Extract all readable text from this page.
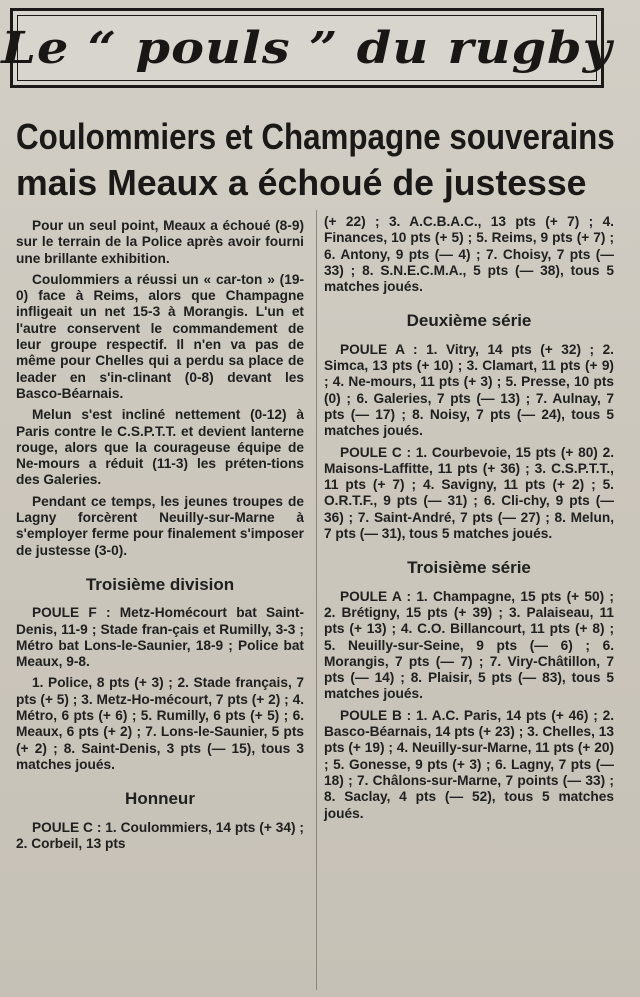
Le “ pouls ” du rugby
Coulommiers et Champagne souverains
mais Meaux a échoué de justesse

Pour un seul point, Meaux a échoué (8-9) sur le terrain de la Police après avoir fourni une brillante exhibition.

Coulommiers a réussi un « car-ton » (19-0) face à Reims, alors que Champagne infligeait un net 15-3 à Morangis. L'un et l'autre conservent le commandement de leur groupe respectif. Il n'en va pas de même pour Chelles qui a perdu sa place de leader en s'in-clinant (0-8) devant les Basco-Béarnais.

Melun s'est incliné nettement (0-12) à Paris contre le C.S.P.T.T. et devient lanterne rouge, alors que la courageuse équipe de Ne-mours a réduit (11-3) les préten-tions des Galeries.

Pendant ce temps, les jeunes troupes de Lagny forcèrent Neuilly-sur-Marne à s'employer ferme pour finalement s'imposer de justesse (3-0).

Troisième division

POULE F : Metz-Homécourt bat Saint-Denis, 11-9 ; Stade fran-çais et Rumilly, 3-3 ; Métro bat Lons-le-Saunier, 18-9 ; Police bat Meaux, 9-8.

1. Police, 8 pts (+ 3) ; 2. Stade français, 7 pts (+ 5) ; 3. Metz-Ho-mécourt, 7 pts (+ 2) ; 4. Métro, 6 pts (+ 6) ; 5. Rumilly, 6 pts (+ 5) ; 6. Meaux, 6 pts (+ 2) ; 7. Lons-le-Saunier, 5 pts (+ 2) ; 8. Saint-Denis, 3 pts (— 15), tous 3 matches joués.

Honneur

POULE C : 1. Coulommiers, 14 pts (+ 34) ; 2. Corbeil, 13 pts

(+ 22) ; 3. A.C.B.A.C., 13 pts (+ 7) ; 4. Finances, 10 pts (+ 5) ; 5. Reims, 9 pts (+ 7) ; 6. Antony, 9 pts (— 4) ; 7. Choisy, 7 pts (— 33) ; 8. S.N.E.C.M.A., 5 pts (— 38), tous 5 matches joués.

Deuxième série

POULE A : 1. Vitry, 14 pts (+ 32) ; 2. Simca, 13 pts (+ 10) ; 3. Clamart, 11 pts (+ 9) ; 4. Ne-mours, 11 pts (+ 3) ; 5. Presse, 10 pts (0) ; 6. Galeries, 7 pts (— 13) ; 7. Aulnay, 7 pts (— 17) ; 8. Noisy, 7 pts (— 24), tous 5 matches joués.

POULE C : 1. Courbevoie, 15 pts (+ 80) 2. Maisons-Laffitte, 11 pts (+ 36) ; 3. C.S.P.T.T., 11 pts (+ 7) ; 4. Savigny, 11 pts (+ 2) ; 5. O.R.T.F., 9 pts (— 31) ; 6. Cli-chy, 9 pts (— 36) ; 7. Saint-André, 7 pts (— 27) ; 8. Melun, 7 pts (— 31), tous 5 matches joués.

Troisième série

POULE A : 1. Champagne, 15 pts (+ 50) ; 2. Brétigny, 15 pts (+ 39) ; 3. Palaiseau, 11 pts (+ 13) ; 4. C.O. Billancourt, 11 pts (+ 8) ; 5. Neuilly-sur-Seine, 9 pts (— 6) ; 6. Morangis, 7 pts (— 7) ; 7. Viry-Châtillon, 7 pts (— 14) ; 8. Plaisir, 5 pts (— 83), tous 5 matches joués.

POULE B : 1. A.C. Paris, 14 pts (+ 46) ; 2. Basco-Béarnais, 14 pts (+ 23) ; 3. Chelles, 13 pts (+ 19) ; 4. Neuilly-sur-Marne, 11 pts (+ 20) ; 5. Gonesse, 9 pts (+ 3) ; 6. Lagny, 7 pts (— 18) ; 7. Châlons-sur-Marne, 7 points (— 33) ; 8. Saclay, 4 pts (— 52), tous 5 matches joués.
